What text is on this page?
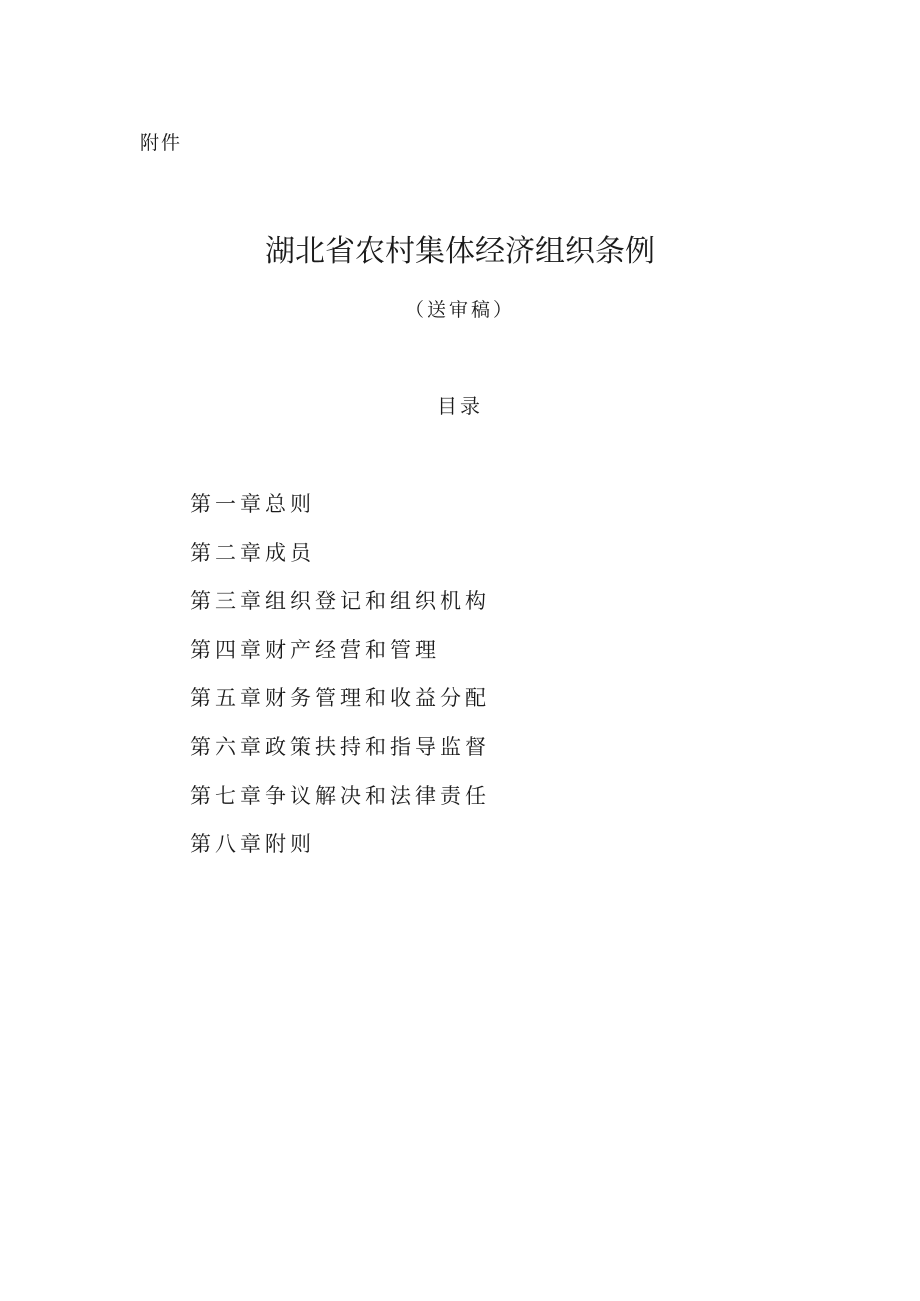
附件
湖北省农村集体经济组织条例
（送审稿）
目录
第一章总则
第二章成员
第三章组织登记和组织机构
第四章财产经营和管理
第五章财务管理和收益分配
第六章政策扶持和指导监督
第七章争议解决和法律责任
第八章附则
